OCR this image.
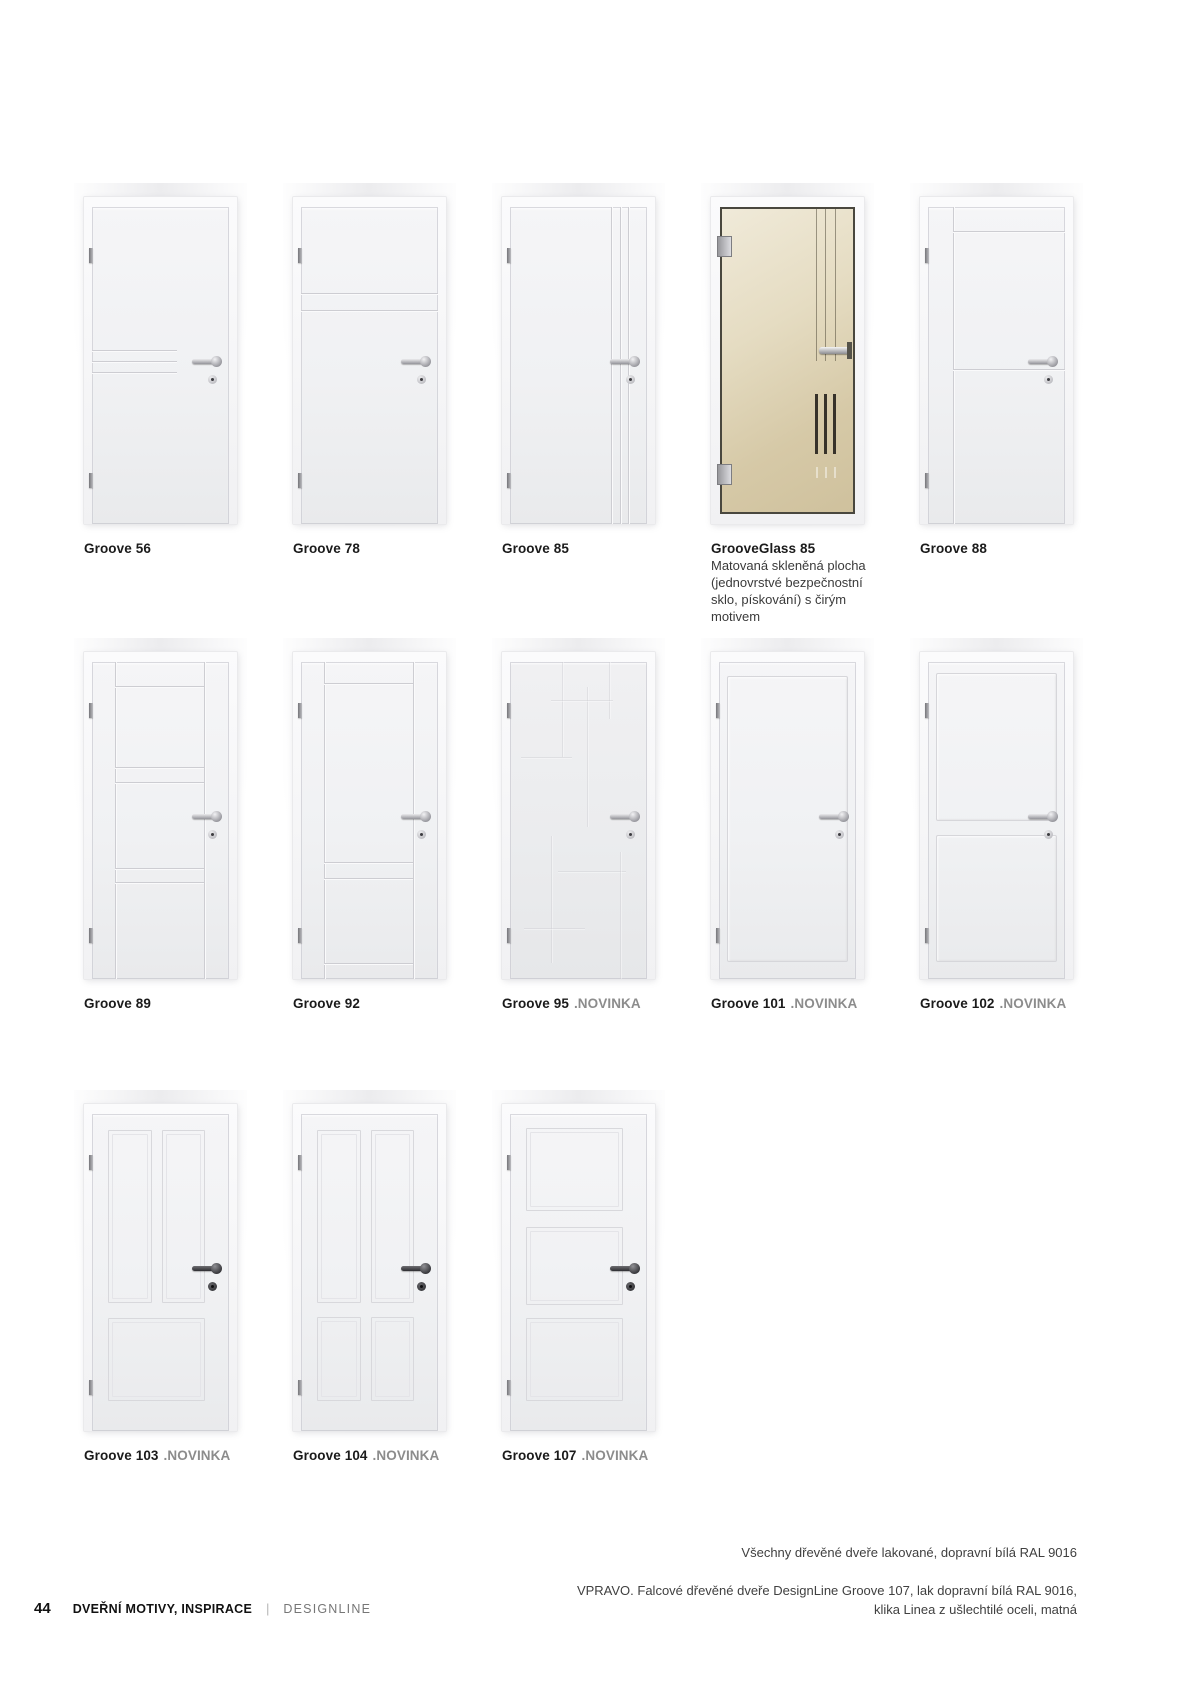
Groove 56	Groove 78	Groove 85	GrooveGlass 85
Matovaná skleněná plocha (jednovrstvé bezpečnostní sklo, pískování) s čirým motivem
Groove 88
Groove 89	Groove 92	Groove 95 .NOVINKA	Groove 101 .NOVINKA	Groove 102 .NOVINKA
Groove 103 .NOVINKA	Groove 104 .NOVINKA	Groove 107 .NOVINKA
Všechny dřevěné dveře lakované, dopravní bílá RAL 9016
VPRAVO. Falcové dřevěné dveře DesignLine Groove 107, lak dopravní bílá RAL 9016,
klika Linea z ušlechtilé oceli, matná
44 DVEŘNÍ MOTIVY, INSPIRACE | DESIGNLINE
